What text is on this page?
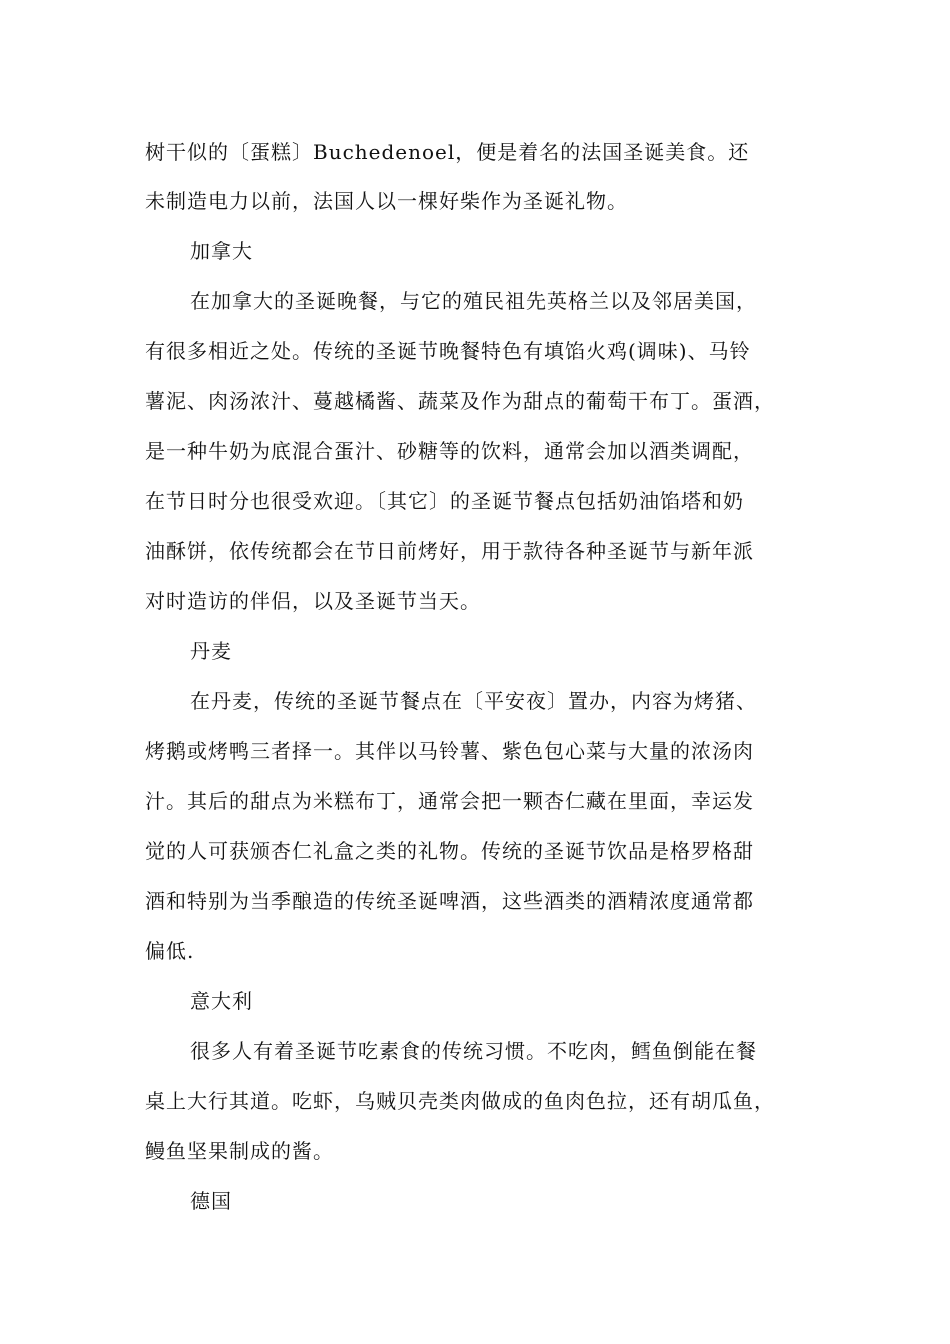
树干似的〔蛋糕〕Buchedenoel，便是着名的法国圣诞美食。还
未制造电力以前，法国人以一棵好柴作为圣诞礼物。
加拿大
在加拿大的圣诞晚餐，与它的殖民祖先英格兰以及邻居美国，
有很多相近之处。传统的圣诞节晚餐特色有填馅火鸡(调味)、马铃
薯泥、肉汤浓汁、蔓越橘酱、蔬菜及作为甜点的葡萄干布丁。蛋酒，
是一种牛奶为底混合蛋汁、砂糖等的饮料，通常会加以酒类调配，
在节日时分也很受欢迎。〔其它〕的圣诞节餐点包括奶油馅塔和奶
油酥饼，依传统都会在节日前烤好，用于款待各种圣诞节与新年派
对时造访的伴侣，以及圣诞节当天。
丹麦
在丹麦，传统的圣诞节餐点在〔平安夜〕置办，内容为烤猪、
烤鹅或烤鸭三者择一。其伴以马铃薯、紫色包心菜与大量的浓汤肉
汁。其后的甜点为米糕布丁，通常会把一颗杏仁藏在里面，幸运发
觉的人可获颁杏仁礼盒之类的礼物。传统的圣诞节饮品是格罗格甜
酒和特别为当季酿造的传统圣诞啤酒，这些酒类的酒精浓度通常都
偏低.
意大利
很多人有着圣诞节吃素食的传统习惯。不吃肉，鳕鱼倒能在餐
桌上大行其道。吃虾，乌贼贝壳类肉做成的鱼肉色拉，还有胡瓜鱼，
鳗鱼坚果制成的酱。
德国
